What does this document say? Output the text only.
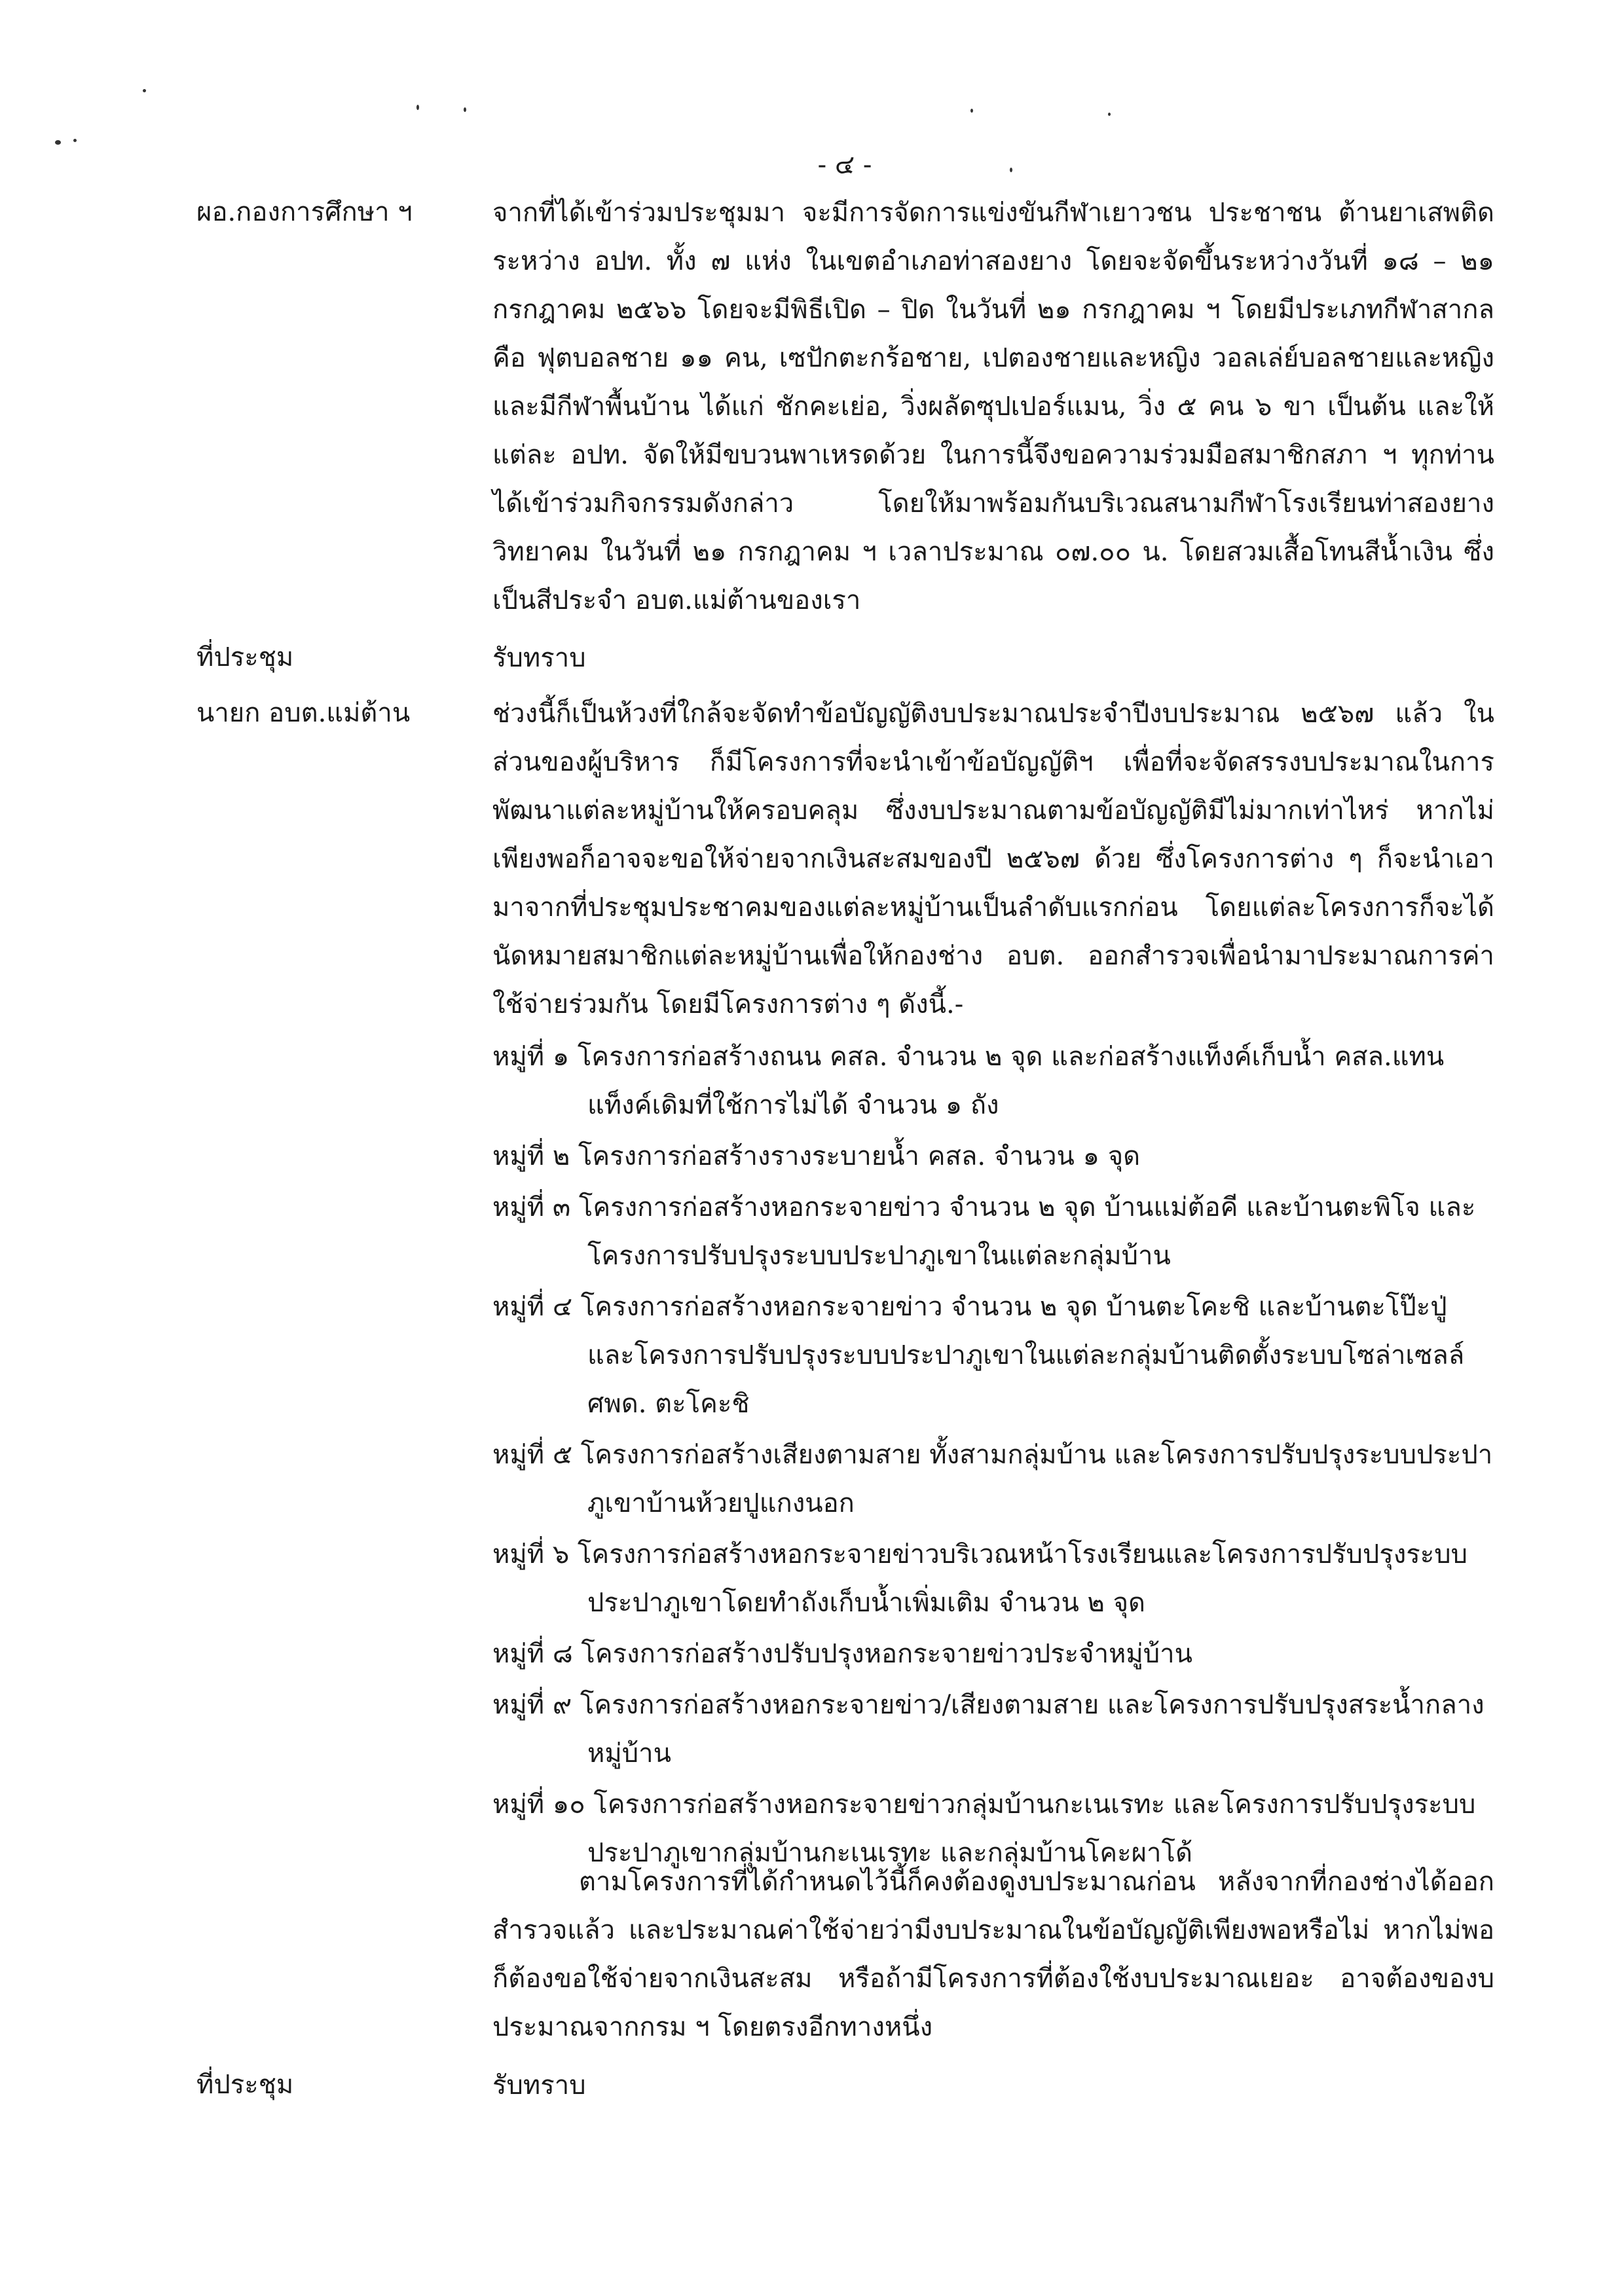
- ๔ -
ผอ.กองการศึกษา ฯ	จากที่ได้เข้าร่วมประชุมมา จะมีการจัดการแข่งขันกีฬาเยาวชน ประชาชน ต้านยาเสพติด ระหว่าง อปท. ทั้ง ๗ แห่ง ในเขตอำเภอท่าสองยาง โดยจะจัดขึ้นระหว่างวันที่ ๑๘ – ๒๑ กรกฎาคม ๒๕๖๖ โดยจะมีพิธีเปิด – ปิด ในวันที่ ๒๑ กรกฎาคม ฯ โดยมีประเภทกีฬาสากล คือ ฟุตบอลชาย ๑๑ คน, เซปักตะกร้อชาย, เปตองชายและหญิง วอลเล่ย์บอลชายและหญิง และมีกีฬาพื้นบ้าน ได้แก่ ชักคะเย่อ, วิ่งผลัดซุปเปอร์แมน, วิ่ง ๕ คน ๖ ขา เป็นต้น และให้แต่ละ อปท. จัดให้มีขบวนพาเหรดด้วย ในการนี้จึงขอความร่วมมือสมาชิกสภา ฯ ทุกท่านได้เข้าร่วมกิจกรรมดังกล่าว โดยให้มาพร้อมกันบริเวณสนามกีฬาโรงเรียนท่าสองยางวิทยาคม ในวันที่ ๒๑ กรกฎาคม ฯ เวลาประมาณ ๐๗.๐๐ น. โดยสวมเสื้อโทนสีน้ำเงิน ซึ่งเป็นสีประจำ อบต.แม่ต้านของเรา
ที่ประชุม	รับทราบ
นายก อบต.แม่ต้าน	ช่วงนี้ก็เป็นห้วงที่ใกล้จะจัดทำข้อบัญญัติงบประมาณประจำปีงบประมาณ ๒๕๖๗ แล้ว ในส่วนของผู้บริหาร ก็มีโครงการที่จะนำเข้าข้อบัญญัติฯ เพื่อที่จะจัดสรรงบประมาณในการพัฒนาแต่ละหมู่บ้านให้ครอบคลุม ซึ่งงบประมาณตามข้อบัญญัติมีไม่มากเท่าไหร่ หากไม่เพียงพอก็อาจจะขอให้จ่ายจากเงินสะสมของปี ๒๕๖๗ ด้วย ซึ่งโครงการต่าง ๆ ก็จะนำเอามาจากที่ประชุมประชาคมของแต่ละหมู่บ้านเป็นลำดับแรกก่อน โดยแต่ละโครงการก็จะได้นัดหมายสมาชิกแต่ละหมู่บ้านเพื่อให้กองช่าง อบต. ออกสำรวจเพื่อนำมาประมาณการค่าใช้จ่ายร่วมกัน โดยมีโครงการต่าง ๆ ดังนี้.-
หมู่ที่ ๑ โครงการก่อสร้างถนน คสล. จำนวน ๒ จุด และก่อสร้างแท็งค์เก็บน้ำ คสล.แทนแท็งค์เดิมที่ใช้การไม่ได้ จำนวน ๑ ถัง
หมู่ที่ ๒ โครงการก่อสร้างรางระบายน้ำ คสล. จำนวน ๑ จุด
หมู่ที่ ๓ โครงการก่อสร้างหอกระจายข่าว จำนวน ๒ จุด บ้านแม่ต้อคี และบ้านตะพิโจ และโครงการปรับปรุงระบบประปาภูเขาในแต่ละกลุ่มบ้าน
หมู่ที่ ๔ โครงการก่อสร้างหอกระจายข่าว จำนวน ๒ จุด บ้านตะโคะชิ และบ้านตะโป๊ะปู่ และโครงการปรับปรุงระบบประปาภูเขาในแต่ละกลุ่มบ้านติดตั้งระบบโซล่าเซลล์ ศพด. ตะโคะชิ
หมู่ที่ ๕ โครงการก่อสร้างเสียงตามสาย ทั้งสามกลุ่มบ้าน และโครงการปรับปรุงระบบประปาภูเขาบ้านห้วยปูแกงนอก
หมู่ที่ ๖ โครงการก่อสร้างหอกระจายข่าวบริเวณหน้าโรงเรียนและโครงการปรับปรุงระบบประปาภูเขาโดยทำถังเก็บน้ำเพิ่มเติม จำนวน ๒ จุด
หมู่ที่ ๘ โครงการก่อสร้างปรับปรุงหอกระจายข่าวประจำหมู่บ้าน
หมู่ที่ ๙ โครงการก่อสร้างหอกระจายข่าว/เสียงตามสาย และโครงการปรับปรุงสระน้ำกลางหมู่บ้าน
หมู่ที่ ๑๐ โครงการก่อสร้างหอกระจายข่าวกลุ่มบ้านกะเนเรทะ และโครงการปรับปรุงระบบประปาภูเขากลุ่มบ้านกะเนเรทะ และกลุ่มบ้านโคะผาโด้
ตามโครงการที่ได้กำหนดไว้นี้ก็คงต้องดูงบประมาณก่อน หลังจากที่กองช่างได้ออกสำรวจแล้ว และประมาณค่าใช้จ่ายว่ามีงบประมาณในข้อบัญญัติเพียงพอหรือไม่ หากไม่พอก็ต้องขอใช้จ่ายจากเงินสะสม หรือถ้ามีโครงการที่ต้องใช้งบประมาณเยอะ อาจต้องของบประมาณจากกรม ฯ โดยตรงอีกทางหนึ่ง
ที่ประชุม	รับทราบ
